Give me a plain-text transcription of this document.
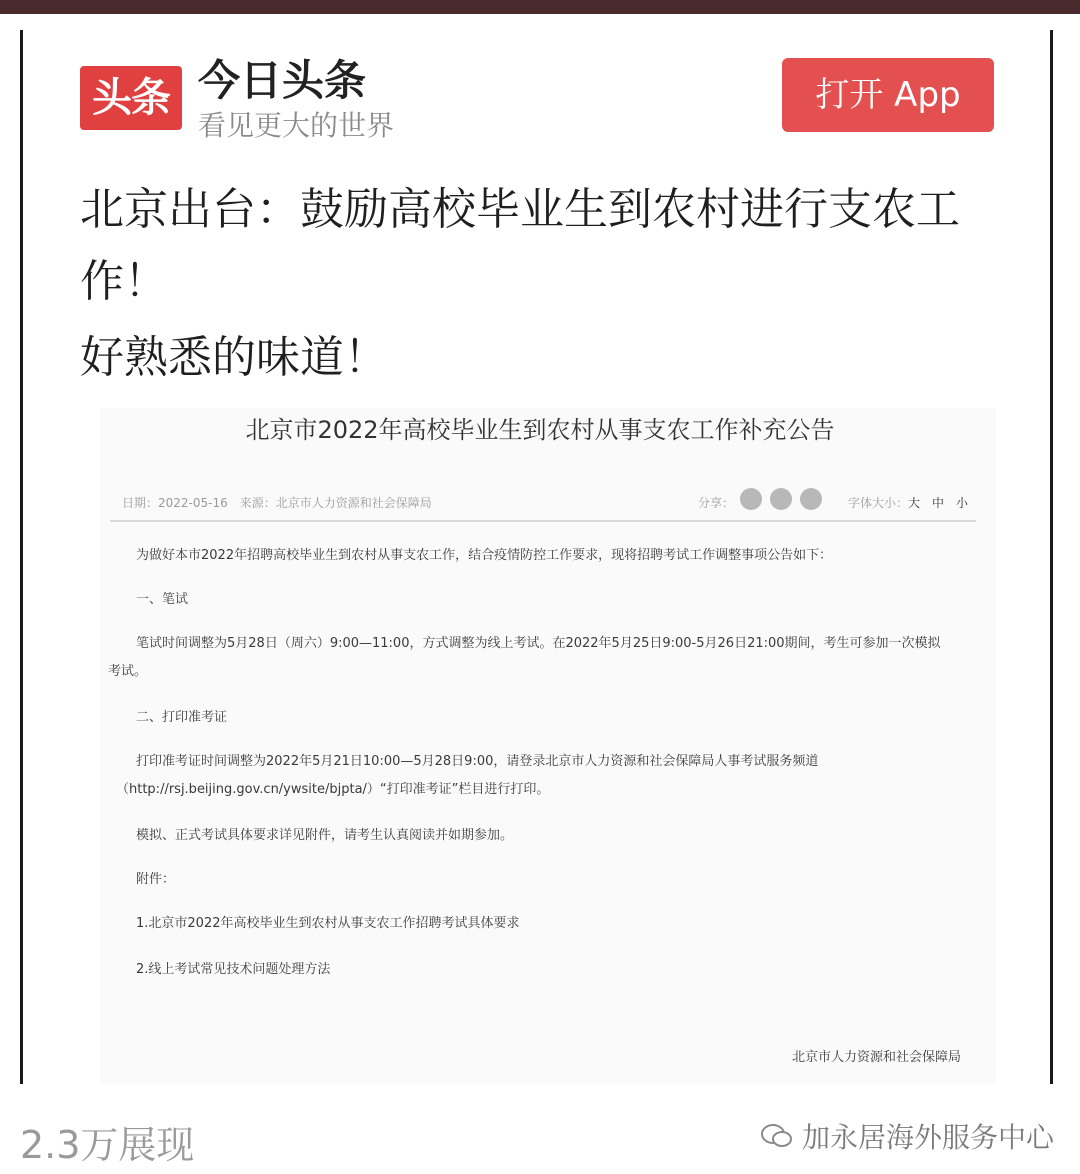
头条 今日头条
看见更大的世界
打开 App
北京出台：鼓励高校毕业生到农村进行支农工作！
好熟悉的味道！
北京市2022年高校毕业生到农村从事支农工作补充公告
日期：2022-05-16　来源：北京市人力资源和社会保障局	分享：	字体大小： 大 中 小
为做好本市2022年招聘高校毕业生到农村从事支农工作，结合疫情防控工作要求，现将招聘考试工作调整事项公告如下：
一、笔试
笔试时间调整为5月28日（周六）9:00—11:00，方式调整为线上考试。在2022年5月25日9:00-5月26日21:00期间，考生可参加一次模拟
考试。
二、打印准考证
打印准考证时间调整为2022年5月21日10:00—5月28日9:00，请登录北京市人力资源和社会保障局人事考试服务频道
（http://rsj.beijing.gov.cn/ywsite/bjpta/）“打印准考证”栏目进行打印。
模拟、正式考试具体要求详见附件，请考生认真阅读并如期参加。
附件：
1.北京市2022年高校毕业生到农村从事支农工作招聘考试具体要求
2.线上考试常见技术问题处理方法
北京市人力资源和社会保障局
2.3万展现	加永居海外服务中心
